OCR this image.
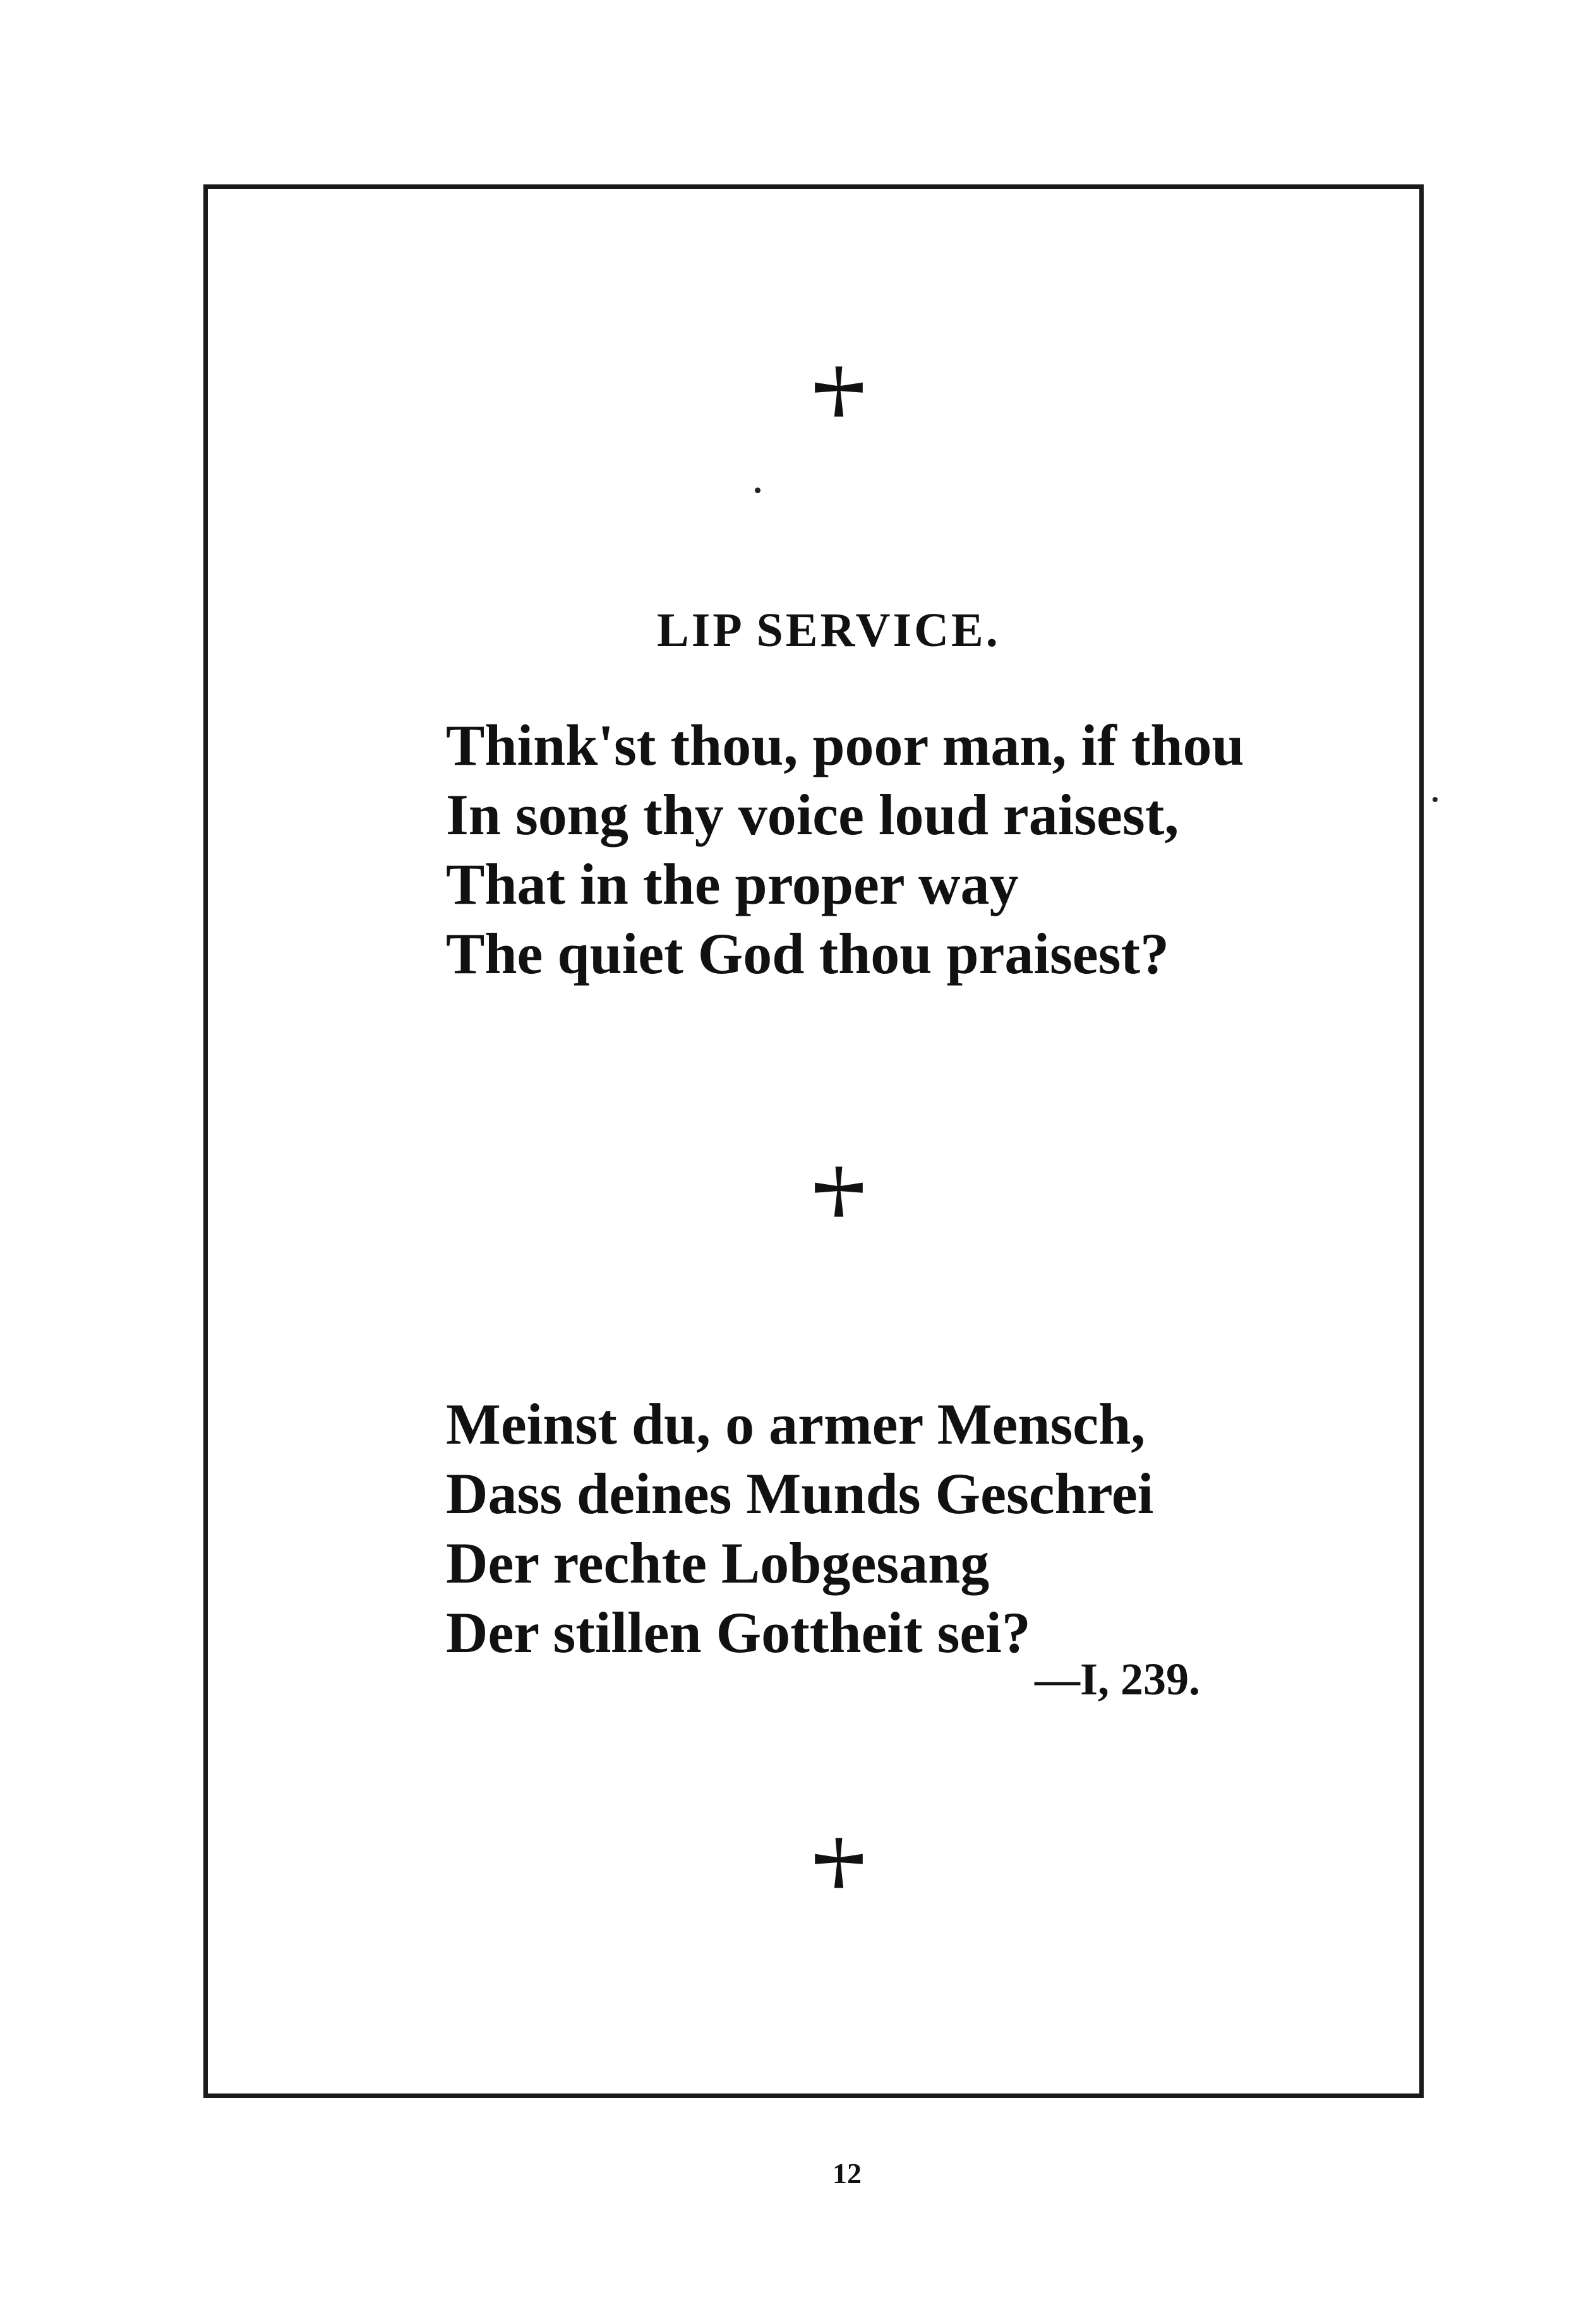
LIP SERVICE.
Think'st thou, poor man, if thou
In song thy voice loud raisest,
That in the proper way
The quiet God thou praisest?
Meinst du, o armer Mensch,
Dass deines Munds Geschrei
Der rechte Lobgesang
Der stillen Gottheit sei?
—I, 239.
12
